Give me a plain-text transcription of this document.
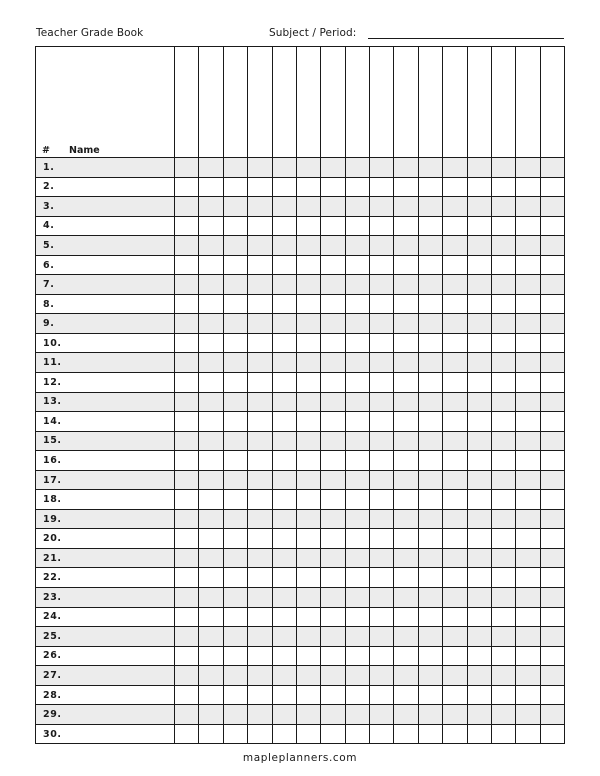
Teacher Grade Book	Subject / Period:
# Name																
1.																
2.																
3.																
4.																
5.																
6.																
7.																
8.																
9.																
10.																
11.																
12.																
13.																
14.																
15.																
16.																
17.																
18.																
19.																
20.																
21.																
22.																
23.																
24.																
25.																
26.																
27.																
28.																
29.																
30.																
mapleplanners.com
